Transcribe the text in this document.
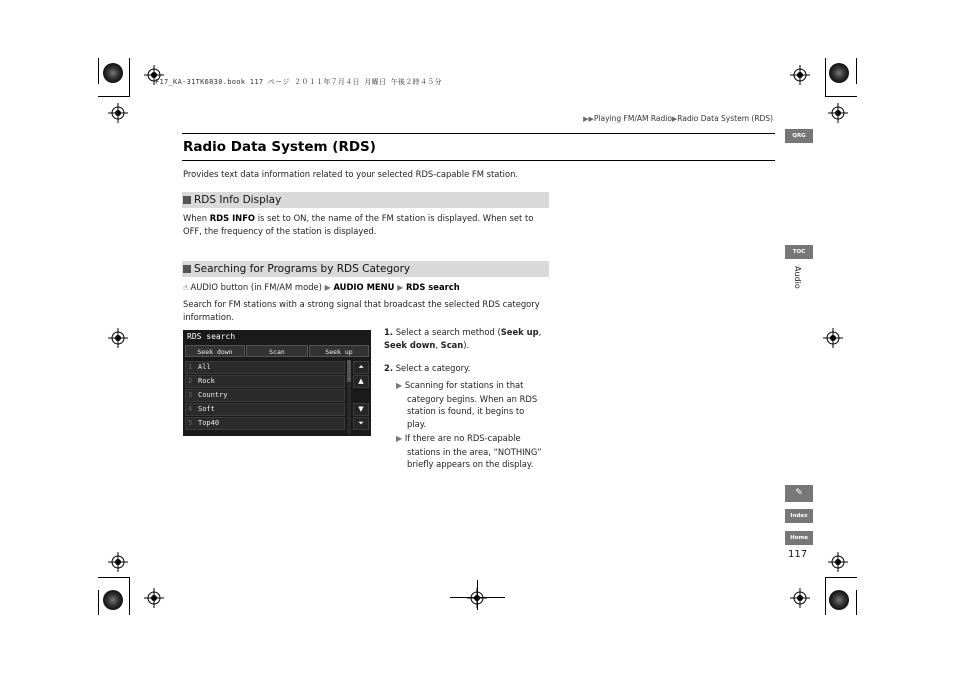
F17_KA-31TK6830.book 117 ページ ２０１１年７月４日 月曜日 午後２時４５分
▶▶Playing FM/AM Radio▶Radio Data System (RDS)
Radio Data System (RDS)
Provides text data information related to your selected RDS-capable FM station.
RDS Info Display
When RDS INFO is set to ON, the name of the FM station is displayed. When set to
OFF, the frequency of the station is displayed.
Searching for Programs by RDS Category
☝ AUDIO button (in FM/AM mode) ▶ AUDIO MENU ▶ RDS search
Search for FM stations with a strong signal that broadcast the selected RDS category
information.
RDS search
Seek down	Scan	Seek up
1 All
2 Rock
3 Country
4 Soft
5 Top40
⏶
▲
▼
⏷
1. Select a search method (Seek up,
Seek down, Scan).
2. Select a category.
▶ Scanning for stations in that
category begins. When an RDS
station is found, it begins to
play.
▶ If there are no RDS-capable
stations in the area, “NOTHING”
briefly appears on the display.
QRG
TOC
Audio
✎
Index
Home
117
